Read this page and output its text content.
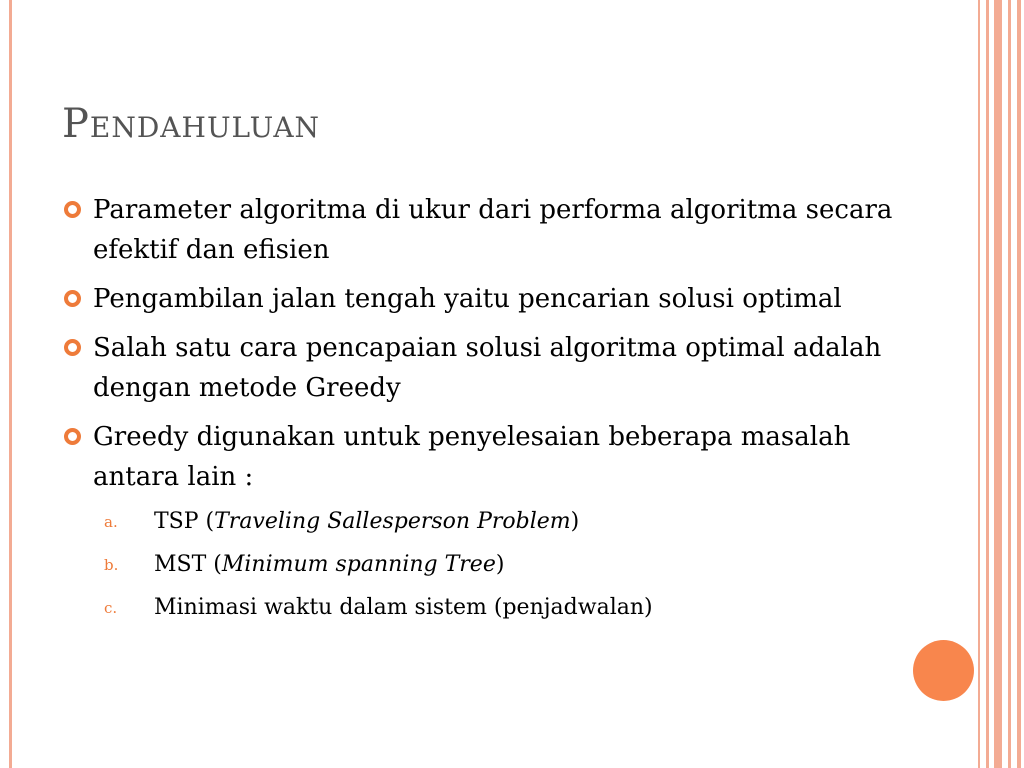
Pendahuluan
Parameter algoritma di ukur dari performa algoritma secara efektif dan efisien
Pengambilan jalan tengah yaitu pencarian solusi optimal
Salah satu cara pencapaian solusi algoritma optimal adalah dengan metode Greedy
Greedy digunakan untuk penyelesaian beberapa masalah antara lain :
a. TSP (Traveling Sallesperson Problem)
b. MST (Minimum spanning Tree)
c. Minimasi waktu dalam sistem (penjadwalan)
